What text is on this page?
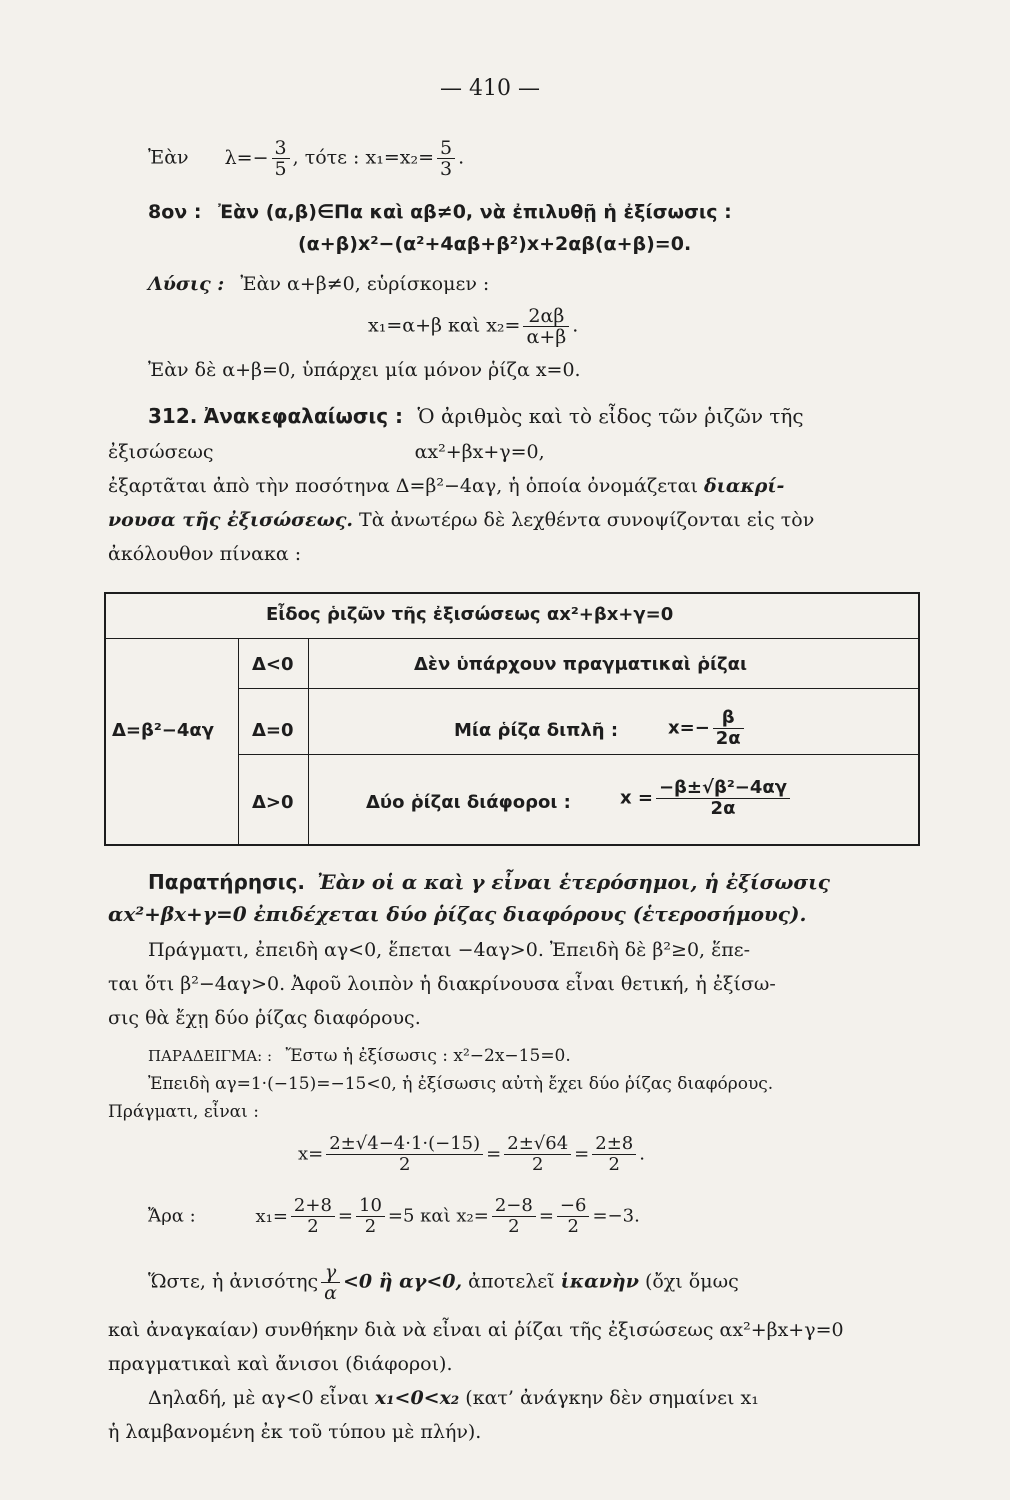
— 410 —
Ἐὰν $\lambda=- \frac{3}{5}$ , τότε : $x_1=x_2= \frac{5}{3}$ .
8ον : Ἐὰν (α,β)∈Πα καὶ αβ≠0, νὰ ἐπιλυθῇ ἡ ἐξίσωσις :
(α+β)x²−(α²+4αβ+β²)x+2αβ(α+β)=0.
Λύσις : Ἐὰν α+β≠0, εὑρίσκομεν :
x₁=α+β καὶ $x_2= \frac{2\alpha\beta}{\alpha+\beta}$ .
Ἐὰν δὲ α+β=0, ὑπάρχει μία μόνον ῥίζα x=0.
312. Ἀνακεφαλαίωσις : Ὁ ἀριθμὸς καὶ τὸ εἶδος τῶν ῥιζῶν τῆς
ἐξισώσεως	αx²+βx+γ=0,
ἐξαρτᾶται ἀπὸ τὴν ποσότηνα Δ=β²−4αγ, ἡ ὁποία ὀνομάζεται διακρί-
νουσα τῆς ἐξισώσεως. Τὰ ἀνωτέρω δὲ λεχθέντα συνοψίζονται εἰς τὸν
ἀκόλουθον πίνακα :
Εἶδος ῥιζῶν τῆς ἐξισώσεως αx²+βx+γ=0
Δ=β²−4αγ
Δ<0	Δὲν ὑπάρχουν πραγματικαὶ ῥίζαι
Δ=0	Μία ῥίζα διπλῆ :	$x=- \frac{\beta}{2\alpha}$
Δ>0	Δύο ῥίζαι διάφοροι :	$x = \frac{\text{−β±√β²−4αγ}}{2\alpha}$
Παρατήρησις. Ἐὰν οἱ α καὶ γ εἶναι ἑτερόσημοι, ἡ ἐξίσωσις
αx²+βx+γ=0 ἐπιδέχεται δύο ῥίζας διαφόρους (ἑτεροσήμους).
Πράγματι, ἐπειδὴ αγ<0, ἕπεται −4αγ>0. Ἐπειδὴ δὲ β²≥0, ἕπε-
ται ὅτι β²−4αγ>0. Ἀφοῦ λοιπὸν ἡ διακρίνουσα εἶναι θετική, ἡ ἐξίσω-
σις θὰ ἔχῃ δύο ῥίζας διαφόρους.
ΠΑΡΑΔΕΙΓΜΑ: : Ἔστω ἡ ἐξίσωσις : x²−2x−15=0.
Ἐπειδὴ αγ=1·(−15)=−15<0, ἡ ἐξίσωσις αὐτὴ ἔχει δύο ῥίζας διαφόρους.
Πράγματι, εἶναι :
$x= \frac{2\pm√4-4\cdot 1\cdot(-15)}{2} = \frac{2\pm√64}{2} = \frac{2\pm 8}{2}$ .
Ἄρα :	$x_1= \frac{2+8}{2} = \frac{10}{2} =5$ καὶ $x_2= \frac{2-8}{2} = \frac{-6}{2} =-3$.
Ὥστε, ἡ ἀνισότης $\frac{\gamma}{\alpha} <0$ ἢ αγ<0, ἀποτελεῖ ἱκανὴν (ὄχι ὅμως
καὶ ἀναγκαίαν) συνθήκην διὰ νὰ εἶναι αἱ ῥίζαι τῆς ἐξισώσεως αx²+βx+γ=0
πραγματικαὶ καὶ ἄνισοι (διάφοροι).
Δηλαδή, μὲ αγ<0 εἶναι x₁<0<x₂ (κατ’ ἀνάγκην δὲν σημαίνει x₁
ἡ λαμβανομένη ἐκ τοῦ τύπου μὲ πλήν).
